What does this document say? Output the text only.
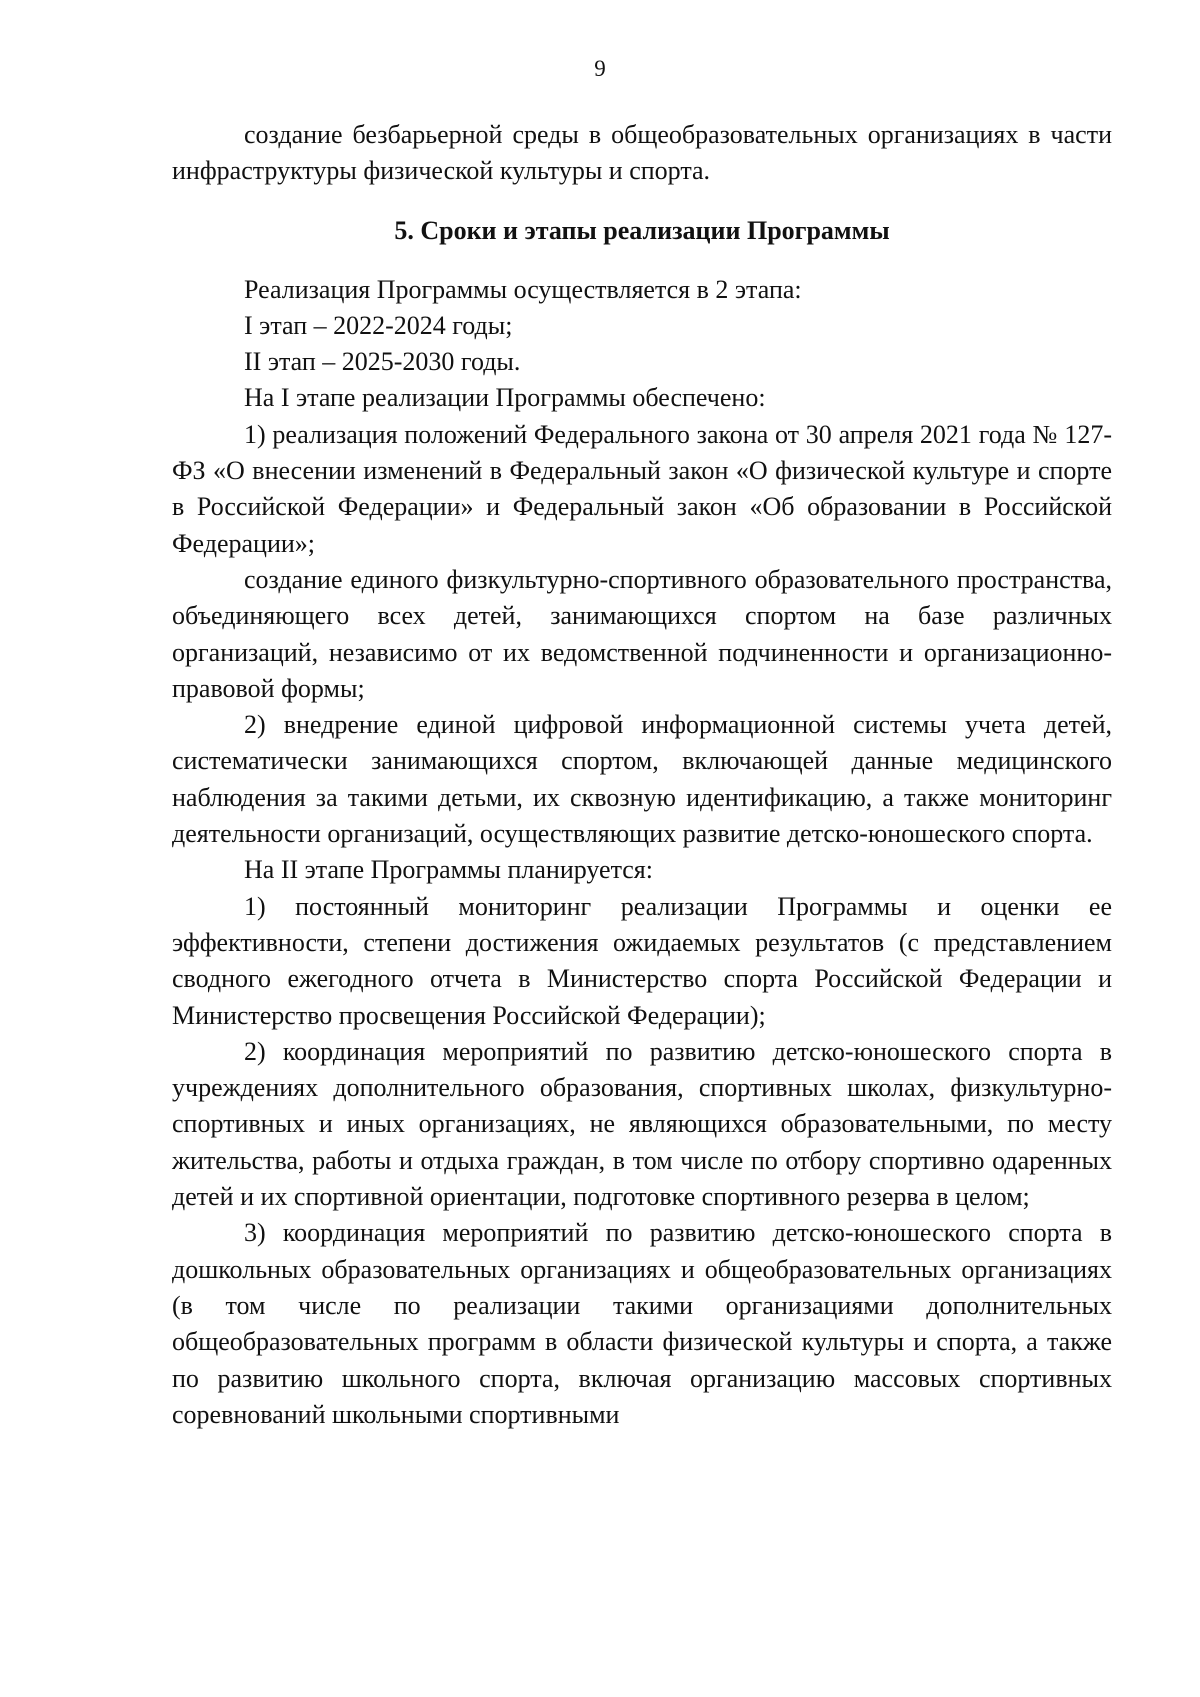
9

создание безбарьерной среды в общеобразовательных организациях в части инфраструктуры физической культуры и спорта.

5. Сроки и этапы реализации Программы

Реализация Программы осуществляется в 2 этапа:

I этап – 2022-2024 годы;

II этап – 2025-2030 годы.

На I этапе реализации Программы обеспечено:

1) реализация положений Федерального закона от 30 апреля 2021 года № 127-ФЗ «О внесении изменений в Федеральный закон «О физической культуре и спорте в Российской Федерации» и Федеральный закон «Об образовании в Российской Федерации»;

создание единого физкультурно-спортивного образовательного пространства, объединяющего всех детей, занимающихся спортом на базе различных организаций, независимо от их ведомственной подчиненности и организационно-правовой формы;

2) внедрение единой цифровой информационной системы учета детей, систематически занимающихся спортом, включающей данные медицинского наблюдения за такими детьми, их сквозную идентификацию, а также мониторинг деятельности организаций, осуществляющих развитие детско-юношеского спорта.

На II этапе Программы планируется:

1) постоянный мониторинг реализации Программы и оценки ее эффективности, степени достижения ожидаемых результатов (с представлением сводного ежегодного отчета в Министерство спорта Российской Федерации и Министерство просвещения Российской Федерации);

2) координация мероприятий по развитию детско-юношеского спорта в учреждениях дополнительного образования, спортивных школах, физкультурно-спортивных и иных организациях, не являющихся образовательными, по месту жительства, работы и отдыха граждан, в том числе по отбору спортивно одаренных детей и их спортивной ориентации, подготовке спортивного резерва в целом;

3) координация мероприятий по развитию детско-юношеского спорта в дошкольных образовательных организациях и общеобразовательных организациях (в том числе по реализации такими организациями дополнительных общеобразовательных программ в области физической культуры и спорта, а также по развитию школьного спорта, включая организацию массовых спортивных соревнований школьными спортивными
